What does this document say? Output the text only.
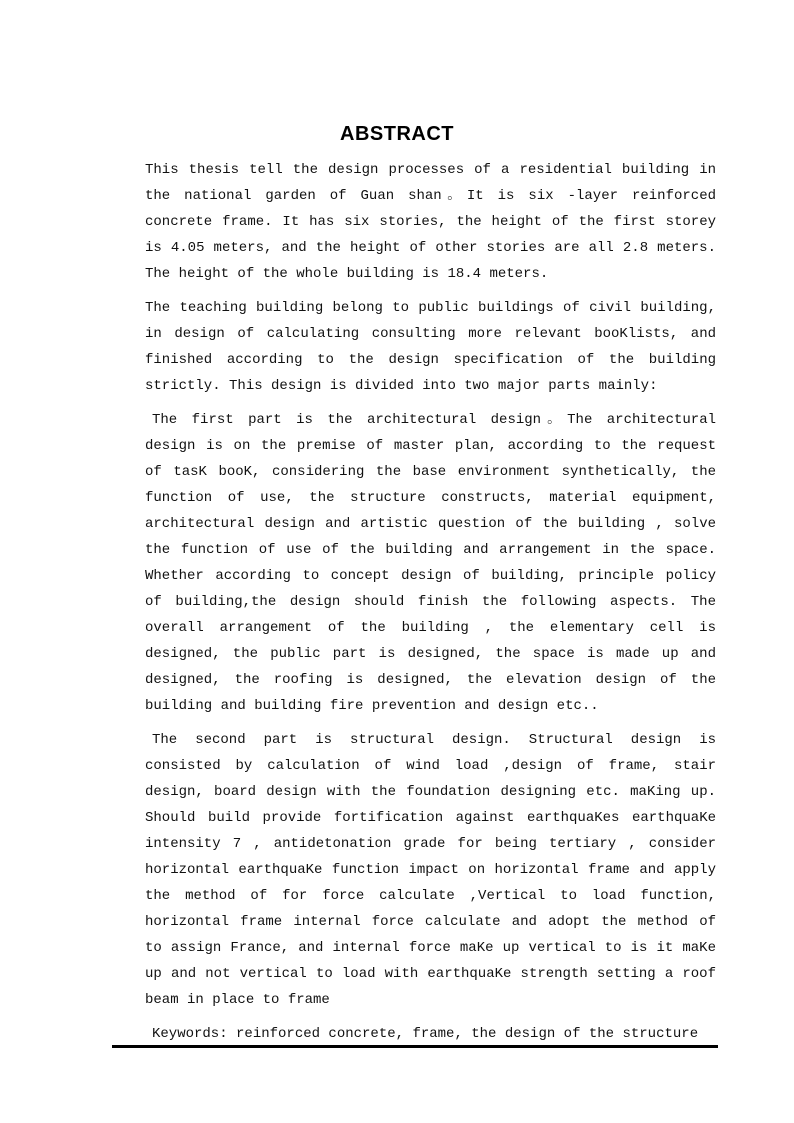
ABSTRACT

This thesis tell the design processes of a residential building in the national garden of Guan shan。It is six -layer reinforced concrete frame. It has six stories, the height of the first storey is 4.05 meters, and the height of other stories are all 2.8 meters. The height of the whole building is 18.4 meters.

The teaching building belong to public buildings of civil building, in design of calculating consulting more relevant booKlists, and finished according to the design specification of the building strictly. This design is divided into two major parts mainly:

The first part is the architectural design。The architectural design is on the premise of master plan, according to the request of tasK booK, considering the base environment synthetically, the function of use, the structure constructs, material equipment, architectural design and artistic question of the building , solve the function of use of the building and arrangement in the space. Whether according to concept design of building, principle policy of building,the design should finish the following aspects. The overall arrangement of the building , the elementary cell is designed, the public part is designed, the space is made up and designed, the roofing is designed, the elevation design of the building and building fire prevention and design etc..

The second part is structural design. Structural design is consisted by calculation of wind load ,design of frame, stair design, board design with the foundation designing etc. maKing up. Should build provide fortification against earthquaKes earthquaKe intensity 7 , antidetonation grade for being tertiary , consider horizontal earthquaKe function impact on horizontal frame and apply the method of for force calculate ,Vertical to load function, horizontal frame internal force calculate and adopt the method of to assign France, and internal force maKe up vertical to is it maKe up and not vertical to load with earthquaKe strength setting a roof beam in place to frame

Keywords: reinforced concrete, frame, the design of the structure
